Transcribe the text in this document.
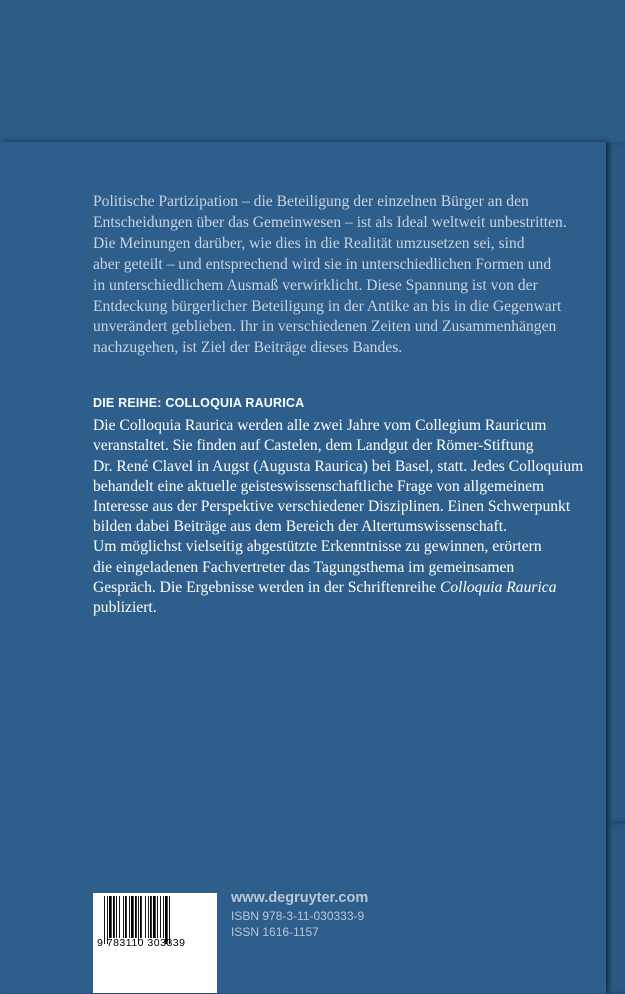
Politische Partizipation – die Beteiligung der einzelnen Bürger an den
Entscheidungen über das Gemeinwesen – ist als Ideal weltweit unbestritten.
Die Meinungen darüber, wie dies in die Realität umzusetzen sei, sind
aber geteilt – und entsprechend wird sie in unterschiedlichen Formen und
in unterschiedlichem Ausmaß verwirklicht. Diese Spannung ist von der
Entdeckung bürgerlicher Beteiligung in der Antike an bis in die Gegenwart
unverändert geblieben. Ihr in verschiedenen Zeiten und Zusammenhängen
nachzugehen, ist Ziel der Beiträge dieses Bandes.
DIE REIHE: COLLOQUIA RAURICA
Die Colloquia Raurica werden alle zwei Jahre vom Collegium Rauricum
veranstaltet. Sie finden auf Castelen, dem Landgut der Römer-Stiftung
Dr. René Clavel in Augst (Augusta Raurica) bei Basel, statt. Jedes Colloquium
behandelt eine aktuelle geisteswissenschaftliche Frage von allgemeinem
Interesse aus der Perspektive verschiedener Disziplinen. Einen Schwerpunkt
bilden dabei Beiträge aus dem Bereich der Altertumswissenschaft.
Um möglichst vielseitig abgestützte Erkenntnisse zu gewinnen, erörtern
die eingeladenen Fachvertreter das Tagungsthema im gemeinsamen
Gespräch. Die Ergebnisse werden in der Schriftenreihe Colloquia Raurica
publiziert.
9 783110 303339
www.degruyter.com
ISBN 978-3-11-030333-9
ISSN 1616-1157
